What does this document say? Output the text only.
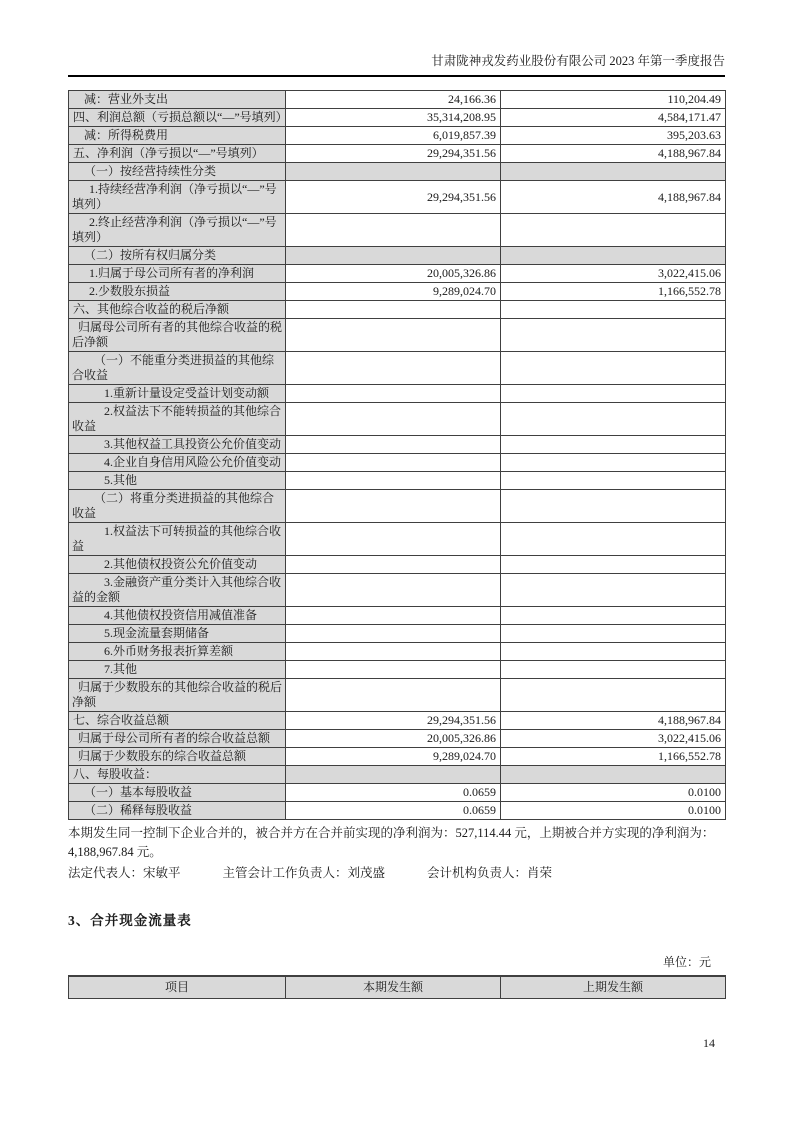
甘肃陇神戎发药业股份有限公司 2023 年第一季度报告
减：营业外支出	24,166.36	110,204.49
四、利润总额（亏损总额以“—”号填列）	35,314,208.95	4,584,171.47
减：所得税费用	6,019,857.39	395,203.63
五、净利润（净亏损以“—”号填列）	29,294,351.56	4,188,967.84
（一）按经营持续性分类		
1.持续经营净利润（净亏损以“—”号填列）	29,294,351.56	4,188,967.84
2.终止经营净利润（净亏损以“—”号填列）		
（二）按所有权归属分类		
1.归属于母公司所有者的净利润	20,005,326.86	3,022,415.06
2.少数股东损益	9,289,024.70	1,166,552.78
六、其他综合收益的税后净额		
归属母公司所有者的其他综合收益的税后净额		
（一）不能重分类进损益的其他综合收益		
1.重新计量设定受益计划变动额		
2.权益法下不能转损益的其他综合收益		
3.其他权益工具投资公允价值变动		
4.企业自身信用风险公允价值变动		
5.其他		
（二）将重分类进损益的其他综合收益		
1.权益法下可转损益的其他综合收益		
2.其他债权投资公允价值变动		
3.金融资产重分类计入其他综合收益的金额		
4.其他债权投资信用减值准备		
5.现金流量套期储备		
6.外币财务报表折算差额		
7.其他		
归属于少数股东的其他综合收益的税后净额		
七、综合收益总额	29,294,351.56	4,188,967.84
归属于母公司所有者的综合收益总额	20,005,326.86	3,022,415.06
归属于少数股东的综合收益总额	9,289,024.70	1,166,552.78
八、每股收益：		
（一）基本每股收益	0.0659	0.0100
（二）稀释每股收益	0.0659	0.0100
本期发生同一控制下企业合并的，被合并方在合并前实现的净利润为：527,114.44 元，上期被合并方实现的净利润为：4,188,967.84 元。
法定代表人：宋敏平	主管会计工作负责人：刘茂盛	会计机构负责人：肖荣
3、合并现金流量表
单位：元
项目	本期发生额	上期发生额
14
